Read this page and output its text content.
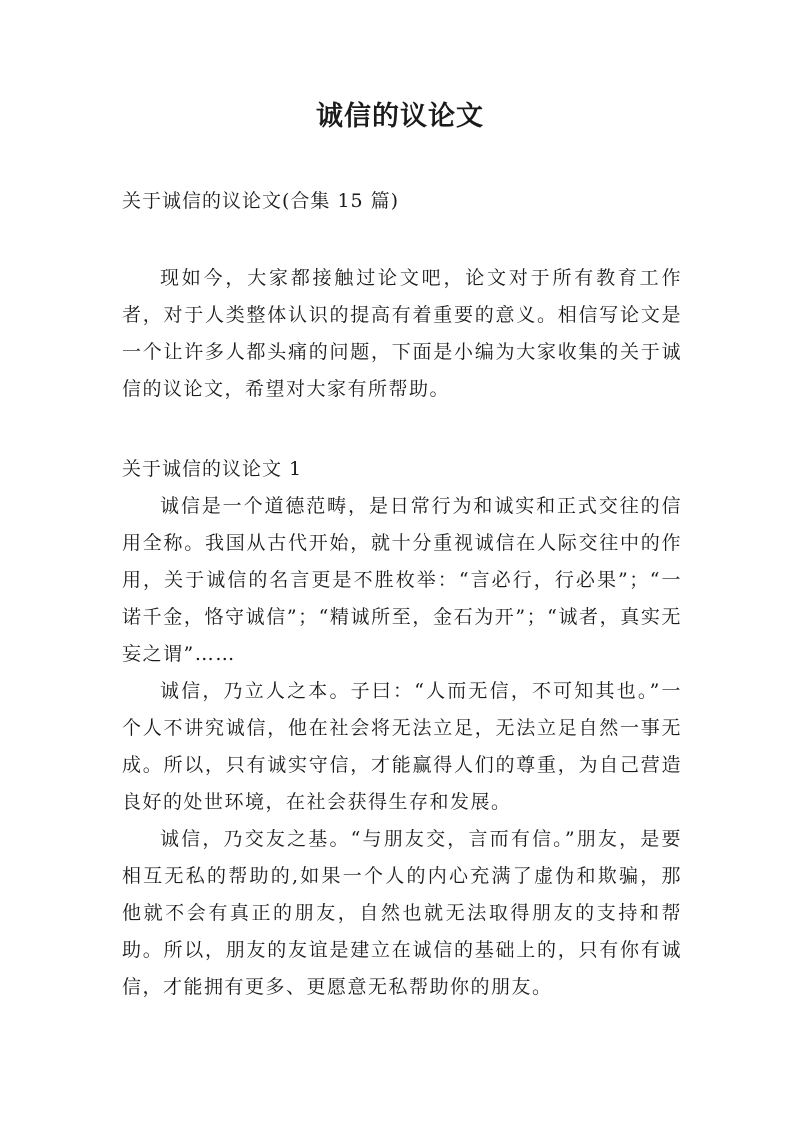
诚信的议论文
关于诚信的议论文(合集 15 篇)

现如今，大家都接触过论文吧，论文对于所有教育工作者，对于人类整体认识的提高有着重要的意义。相信写论文是一个让许多人都头痛的问题，下面是小编为大家收集的关于诚信的议论文，希望对大家有所帮助。

关于诚信的议论文 1

诚信是一个道德范畴，是日常行为和诚实和正式交往的信用全称。我国从古代开始，就十分重视诚信在人际交往中的作用，关于诚信的名言更是不胜枚举：“言必行，行必果”；“一诺千金，恪守诚信”；“精诚所至，金石为开”；“诚者，真实无妄之谓”……

诚信，乃立人之本。子曰：“人而无信，不可知其也。”一个人不讲究诚信，他在社会将无法立足，无法立足自然一事无成。所以，只有诚实守信，才能赢得人们的尊重，为自己营造良好的处世环境，在社会获得生存和发展。

诚信，乃交友之基。“与朋友交，言而有信。”朋友，是要相互无私的帮助的,如果一个人的内心充满了虚伪和欺骗，那他就不会有真正的朋友，自然也就无法取得朋友的支持和帮助。所以，朋友的友谊是建立在诚信的基础上的，只有你有诚信，才能拥有更多、更愿意无私帮助你的朋友。
